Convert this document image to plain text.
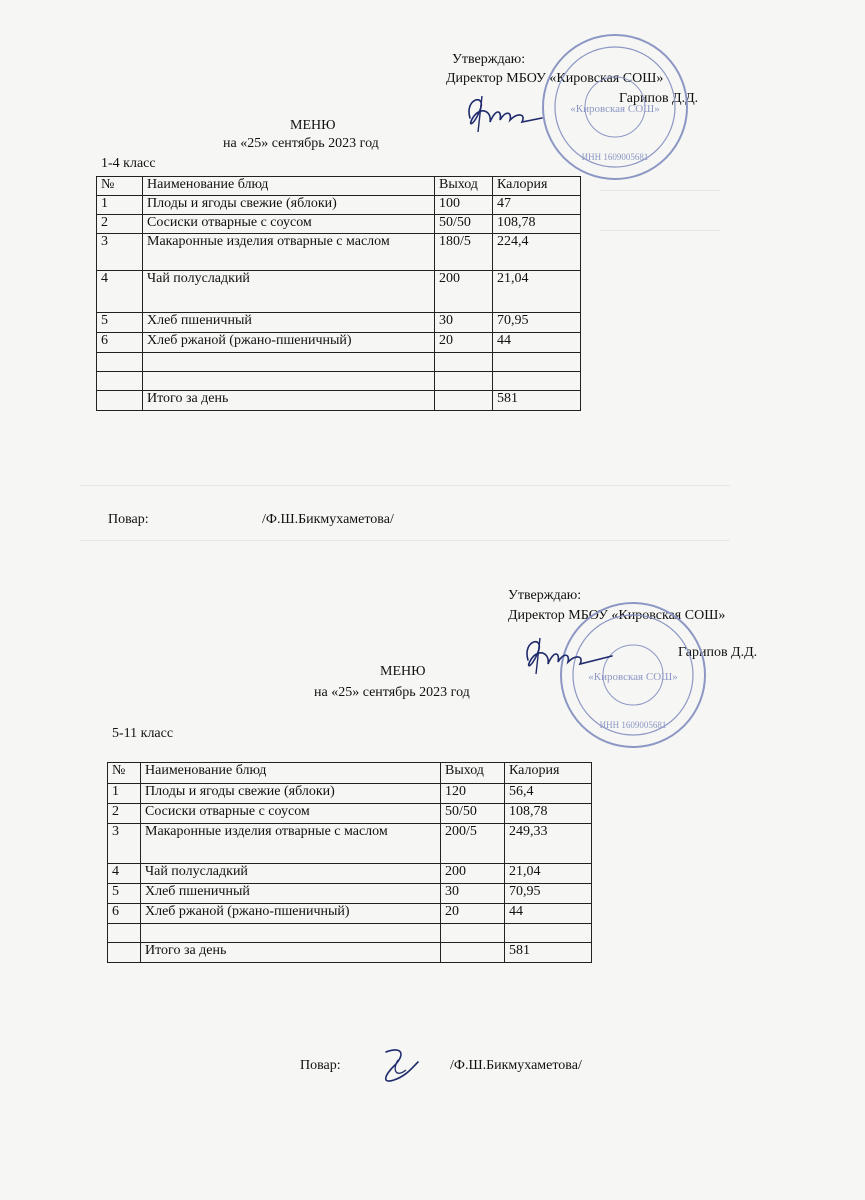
Утверждаю:
Директор МБОУ «Кировская СОШ»
Гарипов Д.Д.
«Кировская СОШ»
ИНН 1609005681
МЕНЮ
на «25» сентябрь 2023 год
1-4 класс
№	Наименование блюд	Выход	Калория
1	Плоды и ягоды свежие (яблоки)	100	47
2	Сосиски отварные с соусом	50/50	108,78
3	Макаронные изделия отварные с маслом	180/5	224,4
4	Чай полусладкий	200	21,04
5	Хлеб пшеничный	30	70,95
6	Хлеб ржаной (ржано-пшеничный)	20	44

	Итого за день		581
Повар:	/Ф.Ш.Бикмухаметова/
Утверждаю:
Директор МБОУ «Кировская СОШ»
Гарипов Д.Д.
«Кировская СОШ»
ИНН 1609005681
МЕНЮ
на «25» сентябрь 2023 год
5-11 класс
№	Наименование блюд	Выход	Калория
1	Плоды и ягоды свежие (яблоки)	120	56,4
2	Сосиски отварные с соусом	50/50	108,78
3	Макаронные изделия отварные с маслом	200/5	249,33
4	Чай полусладкий	200	21,04
5	Хлеб пшеничный	30	70,95
6	Хлеб ржаной (ржано-пшеничный)	20	44

	Итого за день		581
Повар:	/Ф.Ш.Бикмухаметова/
